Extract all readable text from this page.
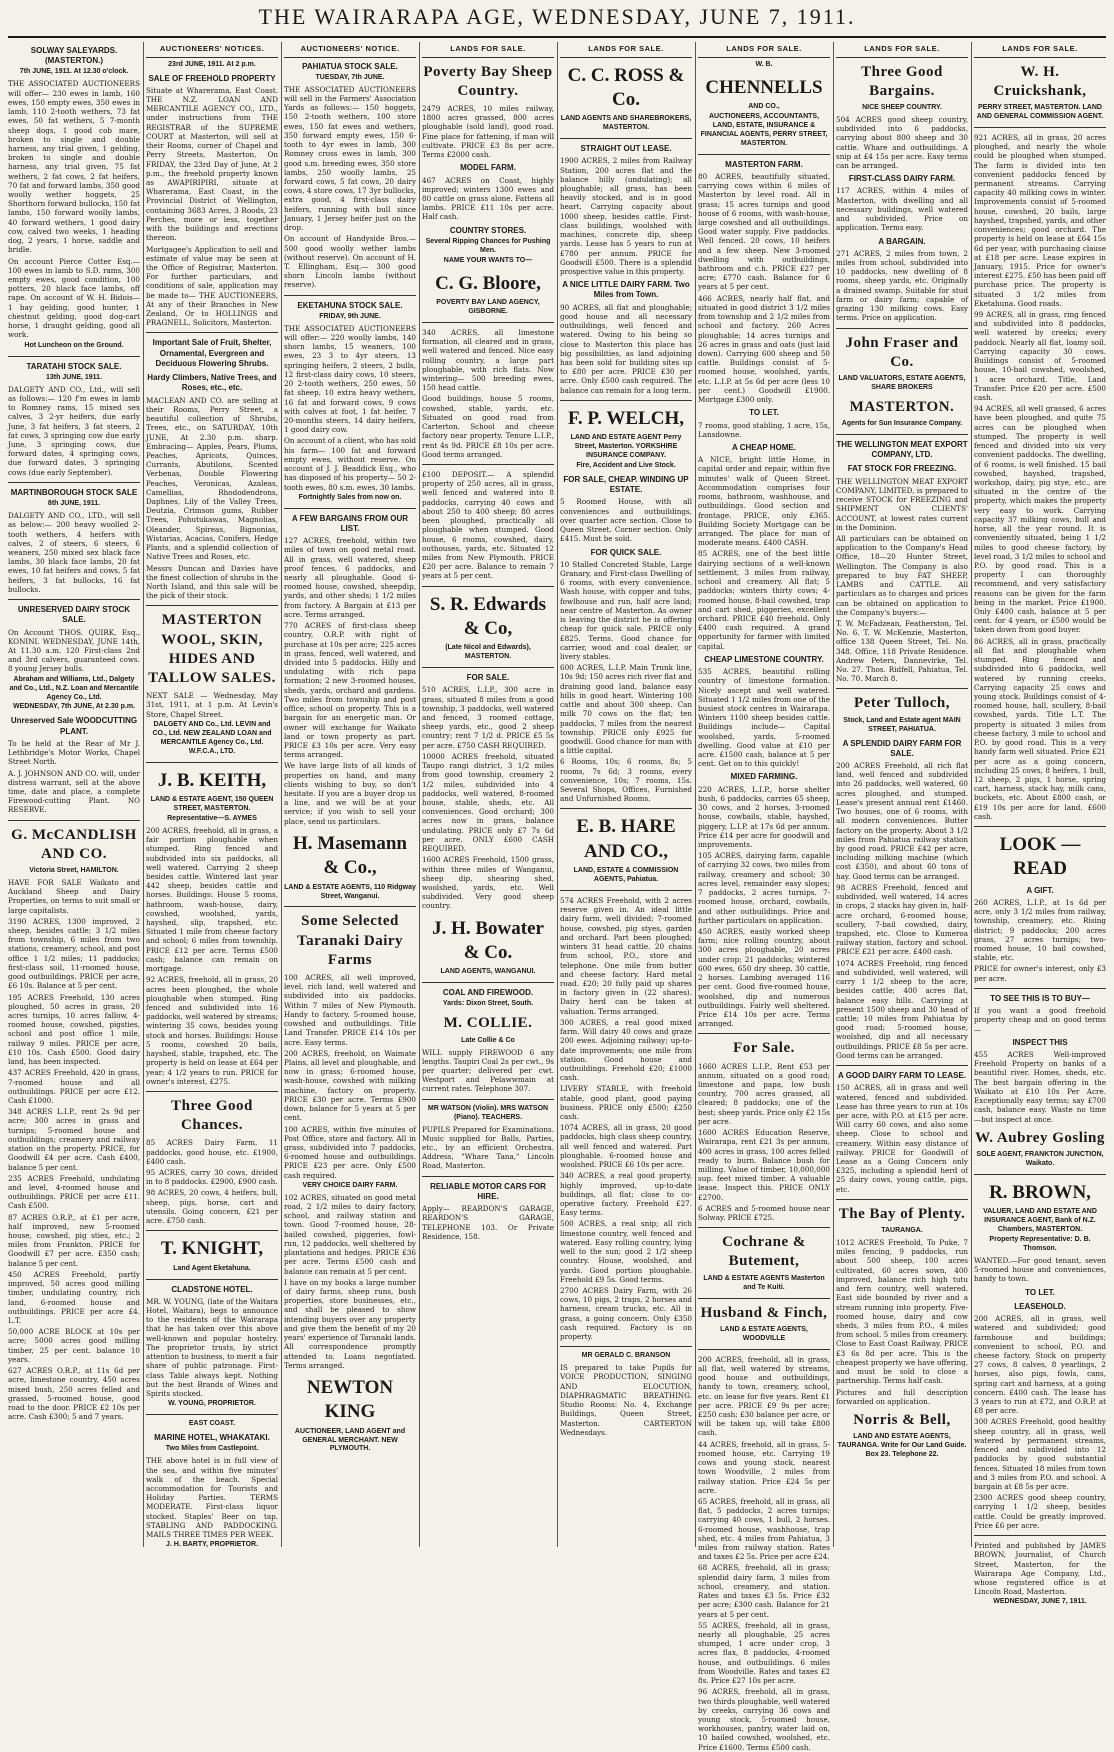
THE WAIRARAPA AGE, WEDNESDAY, JUNE 7, 1911.
SOLWAY SALEYARDS. (MASTERTON.)
7th JUNE, 1911. At 12.30 o'clock.
THE ASSOCIATED AUCTIONEERS will offer— 230 ewes in lamb, 160 ewes, 150 empty ewes, 350 ewes in lamb, 110 2-tooth wethers, 73 fat ewes, 50 fat wethers, 5 7-month sheep dogs, 1 good cob mare, broken to single and double harness, any trial given, 1 gelding, broken to single and double harness, any trial given, 75 fat wethers, 2 fat cows, 2 fat heifers, 70 fat and forward lambs, 350 good woolly wether hoggets, 25 Shorthorn forward bullocks, 150 fat lambs, 150 forward woolly lambs, 40 forward wethers, 1 good dairy cow, calved two weeks, 1 heading dog, 2 years, 1 horse, saddle and bridle.
On account Pierce Cotter Esq.— 100 ewes in lamb to S.D. rams, 300 empty ewes, good condition, 100 potters, 20 black face lambs, off rape. On account of W. H. Bidois— 1 bay gelding, good hunter, 1 chestnut gelding, good dog-cart horse, 1 draught gelding, good all work.
Hot Luncheon on the Ground.
TARATAHI STOCK SALE.
13th JUNE, 1911.
DALGETY AND CO., Ltd., will sell as follows:— 120 f'm ewes in lamb to Romney rams, 15 mixed sex calves, 3 2-yr heifers, due early June, 3 fat heifers, 3 fat steers, 2 fat cows, 3 springing cow due early June, 3 springing cows, due forward dates, 4 springing cows, due forward dates, 3 springing cows (due early September).
MARTINBOROUGH STOCK SALE
8th JUNE, 1911.
DALGETY AND CO., LTD., will sell as below:— 200 heavy woolled 2-tooth wethers, 4 heifers with calves, 2 of steers, 6 steers, 6 weaners, 250 mixed sex black face lambs, 30 black face lambs, 20 fat ewes, 10 fat heifers and cows, 5 fat heifers, 3 fat bullocks, 16 fat bullocks.
UNRESERVED DAIRY STOCK SALE.
On Account THOS. QUIRK, Esq., KONINI. WEDNESDAY, JUNE 14th, At 11.30 a.m. 120 First-class 2nd and 3rd calvers, guaranteed cows. 8 young Jersey bulls.
Abraham and Williams, Ltd., Dalgety and Co., Ltd., N.Z. Loan and Mercantile Agency Co., Ltd.
WEDNESDAY, 7th JUNE, At 2.30 p.m.
Unreserved Sale WOODCUTTING PLANT.
To be held at the Rear of Mr J. Lethbridge's Motor Works, Chapel Street North.
A. J. JOHNSON AND CO. will, under distress warrant, sell at the above time, date and place, a complete Firewood-cutting Plant. NO RESERVE.
G. McCANDLISH AND CO.
Victoria Street, HAMILTON.
HAVE FOR SALE Waikato and Auckland Sheep and Dairy Properties, on terms to suit small or large capitalists.
3190 ACRES, 1300 improved, 2 sheep, besides cattle; 3 1/2 miles from township, 6 miles from two stations, creamery, school, and post office 1 1/2 miles; 11 paddocks; first-class soil, 11-roomed house, good outbuildings. PRICE per acre, £6 10s. Balance at 5 per cent.
195 ACRES Freehold, 130 acres ploughed, 50 acres in grass, 20 acres turnips, 10 acres fallow, 4-roomed house, cowshed, pigsties, school and post office 1 mile, railway 9 miles. PRICE per acre, £10 10s. Cash £500. Good dairy land, has been inspected.
437 ACRES Freehold, 420 in grass, 7-roomed house and all outbuildings. PRICE per acre £12. Cash £1000.
348 ACRES L.I.P., rent 2s 9d per acre; 300 acres in grass and turnips; 5-roomed house and outbuildings; creamery and railway station on the property. PRICE, for Goodwill £4 per acre. Cash £400, balance 5 per cent.
235 ACRES Freehold, undulating and level, 4-roomed house and outbuildings. PRICE per acre £11. Cash £500.
87 ACRES O.R.P., at £1 per acre, half improved, new 5-roomed house, cowshed, pig sties, etc.; 2 miles from Frankton. PRICE for Goodwill £7 per acre. £350 cash; balance 5 per cent.
450 ACRES Freehold, partly improved, 50 acres good milling timber, undulating country, rich land, 6-roomed house and outbuildings. PRICE per acre £4. L.T.
50,000 ACRE BLOCK at 10s per acre; 5000 acres good milling timber, 25 per cent. balance 10 years.
627 ACRES O.R.P., at 11s 6d per acre, limestone country, 450 acres mixed bush, 250 acres felled and grassed, 5-roomed house, good road to the door. PRICE £2 10s per acre. Cash £300; 5 and 7 years.
AUCTIONEERS' NOTICES.
23rd JUNE, 1911. At 2 p.m.
SALE OF FREEHOLD PROPERTY
Situate at Wharerama, East Coast. THE N.Z. LOAN AND MERCANTILE AGENCY CO., LTD., under instructions from THE REGISTRAR of the SUPREME COURT at Masterton, will sell at their Rooms, corner of Chapel and Perry Streets, Masterton, On FRIDAY, the 23rd Day of June, At 2 p.m., the freehold property known as AWAPIRIPIRI, situate at Wharerama, East Coast, in the Provincial District of Wellington, containing 3683 Acres, 3 Roods, 23 Perches, more or less, together with the buildings and erections thereon.
Mortgagee's Application to sell and estimate of value may be seen at the Office of Registrar, Masterton. For further particulars, and conditions of sale, application may be made to— THE AUCTIONEERS, At any of their Branches in New Zealand, Or to HOLLINGS and PRAGNELL, Solicitors, Masterton.
Important Sale of Fruit, Shelter, Ornamental, Evergreen and Deciduous Flowering Shrubs.
Hardy Climbers, Native Trees, and Roses, etc., etc.
MACLEAN AND CO. are selling at their Rooms, Perry Street, a beautiful collection of Shrubs, Trees, etc., on SATURDAY, 10th JUNE, At 2.30 p.m. sharp. Embracing— Apples, Pears, Plums, Peaches, Apricots, Quinces, Currants, Abutilons, Scented Verbenas, Double Flowering Peaches, Veronicas, Azaleas, Camellias, Rhododendrons, Daphnes, Lily of the Valley Trees, Deutzia, Crimson gums, Rubber Trees, Pohutukawas, Magnolias, Oleander, Spireas, Bignonias, Wistarias, Acacias, Conifers, Hedge Plants, and a splendid collection of Native Trees and Roses, etc.
Messrs Duncan and Davies have the finest collection of shrubs in the North Island, and this sale will be the pick of their stock.
MASTERTON WOOL, SKIN, HIDES AND TALLOW SALES.
NEXT SALE — Wednesday, May 31st, 1911, at 1 p.m. At Levin's Store, Chapel Street.
DALGETY AND Co., Ltd. LEVIN and CO., Ltd. NEW ZEALAND LOAN and MERCANTILE Agency Co., Ltd. W.F.C.A., LTD.
J. B. KEITH,
LAND & ESTATE AGENT, 150 QUEEN STREET, MASTERTON.
Representative—S. AYMES
200 ACRES, freehold, all in grass, a fair portion ploughable when stumped. Ring fenced and subdivided into six paddocks, all well watered. Carrying 2 sheep besides cattle. Wintered last year 442 sheep, besides cattle and horses. Buildings: House 5 rooms, bathroom, wash-house, dairy, cowshed, woolshed, yards, hayshed, slip, trapshed, etc. Situated 1 mile from cheese factory and school; 6 miles from township. PRICE £12 per acre. Terms £500 cash; balance can remain on mortgage.
92 ACRES, freehold, all in grass, 20 acres been ploughed, the whole ploughable when stumped. Ring fenced and subdivided into 16 paddocks, well watered by streams; wintering 35 cows, besides young stock and horses. Buildings: House 5 rooms, cowshed 20 bails, hayshed, stable, trapshed, etc. The property is held on lease at £64 per year; 4 1/2 years to run. PRICE for owner's interest, £275.
Three Good Chances.
85 ACRES Dairy Farm, 11 paddocks, good house, etc. £1900, £400 cash.
95 ACRES, carry 30 cows, divided in to 8 paddocks. £2900, £900 cash.
98 ACRES, 20 cows, 4 heifers, bull, sheep, pigs, horse, cart and utensils. Going concern, £21 per acre. £750 cash.
T. KNIGHT,
Land Agent Eketahuna.
CLADSTONE HOTEL.
MR. W. YOUNG, (late of the Waitara Hotel, Waitara), begs to announce to the residents of the Wairarapa that he has taken over this above well-known and popular hostelry. The proprietor trusts, by strict attention to business, to merit a fair share of public patronage. First-class Table always kept. Nothing but the best Brands of Wines and Spirits stocked.
W. YOUNG, PROPRIETOR.
EAST COAST.
MARINE HOTEL, WHAKATAKI.
Two Miles from Castlepoint.
THE above hotel is in full view of the sea, and within five minutes' walk of the beach. Special accommodation for Tourists and Holiday Parties. TERMS MODERATE. First-class liquor stocked. Staples' Beer on tap. STABLING AND PADDOCKING. MAILS THREE TIMES PER WEEK.
J. H. BARTY, PROPRIETOR.
AUCTIONEERS' NOTICE.
PAHIATUA STOCK SALE.
TUESDAY, 7th JUNE.
THE ASSOCIATED AUCTIONEERS will sell in the Farmers' Association Yards as follows:— 150 hoggets, 150 2-tooth wethers, 100 store ewes, 150 fat ewes and wethers, 350 forward empty ewes, 150 6-tooth to 4yr ewes in lamb, 300 Romney cross ewes in lamb, 300 good s.m. breeding ewes, 350 store lambs, 250 woolly lambs, 25 forward cows, 5 fat cows, 20 dairy cows, 4 store cows, 17 3yr bullocks, extra good, 4 first-class dairy heifers, running with bull since January, 1 Jersey heifer just on the drop.
On account of Handyside Bros.— 500 good woolly wether lambs (without reserve). On account of H. T. Ellingham, Esq.— 300 good shorn Lincoln lambs (without reserve).
EKETAHUNA STOCK SALE.
FRIDAY, 9th JUNE.
THE ASSOCIATED AUCTIONEERS will offer:— 220 woolly lambs, 140 shorn lambs, 15 weaners, 100 ewes, 23 3 to 4yr steers, 13 springing heifers, 2 steers, 2 bulls, 12 first-class dairy cows, 10 steers, 20 2-tooth wethers, 250 ewes, 50 fat sheep, 10 extra heavy wethers, 16 fat and forward cows, 9 cows with calves at foot, 1 fat heifer, 7 20-months steers, 14 dairy heifers, 1 good dairy cow.
On account of a client, who has sold his farm— 100 fat and forward empty ewes, without reserve. On account of J. J. Beaddick Esq., who has disposed of his property— 50 2-tooth ewes, 80 s.m. ewes, 30 lambs.
Fortnightly Sales from now on.
A FEW BARGAINS FROM OUR LIST.
127 ACRES, freehold, within two miles of town on good metal road. All in grass, well watered, sheep proof fences, 6 paddocks, and nearly all ploughable. Good 6-roomed house, cowshed, sheepdip, yards, and other sheds; 1 1/2 miles from factory. A Bargain at £13 per acre. Terms arranged.
770 ACRES of first-class sheep country, O.R.P. with right of purchase at 10s per acre; 225 acres in grass, fenced, well watered, and divided into 5 paddocks. Hilly and undulating with rich papa formation; 2 new 3-roomed houses, sheds, yards, orchard and gardens. Two miles from township and post office, school on property. This is a bargain for an energetic man. Or owner will exchange for Waikato land or town property as part. PRICE £3 10s per acre. Very easy terms arranged.
We have large lists of all kinds of properties on hand, and many clients wishing to buy, so don't hesitate. If you are a buyer drop us a line, and we will be at your service; if you wish to sell your place, send us particulars.
H. Masemann & Co.,
LAND & ESTATE AGENTS, 110 Ridgway Street, Wanganui.
Some Selected Taranaki Dairy Farms
100 ACRES, all well improved, level, rich land, well watered and subdivided into six paddocks. Within 7 miles of New Plymouth. Handy to factory. 5-roomed house, cowshed and outbuildings. Title Land Transfer. PRICE £14 10s per acre. Easy terms.
200 ACRES, freehold, on Waimate Plains, all level and ploughable, and now in grass; 6-roomed house, wash-house, cowshed with milking machine, factory on property. PRICE £30 per acre. Terms £900 down, balance for 5 years at 5 per cent.
100 ACRES, within five minutes of Post Office, store and factory. All in grass, subdivided into 7 paddocks, 6-roomed house and outbuildings. PRICE £23 per acre. Only £500 cash required.
VERY CHOICE DAIRY FARM.
102 ACRES, situated on good metal road, 2 1/2 miles to dairy factory, school, and railway station and town. Good 7-roomed house, 28-bailed cowshed, piggeries, fowl-run, 12 paddocks, well sheltered by plantations and hedges. PRICE £36 per acre. Terms £500 cash and balance can remain at 5 per cent.
I have on my books a large number of dairy farms, sheep runs, bush properties, store businesses, etc., and shall be pleased to show intending buyers over any property and give them the benefit of my 20 years' experience of Taranaki lands. All correspondence promptly attended to. Loans negotiated. Terms arranged.
NEWTON KING
AUCTIONEER, LAND AGENT and GENERAL MERCHANT. NEW PLYMOUTH.
LANDS FOR SALE.
Poverty Bay Sheep Country.
2479 ACRES, 10 miles railway, 1800 acres grassed, 800 acres ploughable (sold land), good road. Fine place for fattening, if man will cultivate. PRICE £3 8s per acre. Terms £2000 cash.
MODEL FARM.
467 ACRES on Coast, highly improved; winters 1300 ewes and 80 cattle on grass alone. Fattens all lambs. PRICE £11 10s per acre. Half cash.
COUNTRY STORES.
Several Ripping Chances for Pushing Men.
NAME YOUR WANTS TO—
C. G. Bloore,
POVERTY BAY LAND AGENCY, GISBORNE.
340 ACRES, all limestone formation, all cleared and in grass, well watered and fenced. Nice easy rolling country, a large part ploughable, with rich flats. Now wintering— 500 breeding ewes, 150 head cattle.
Good buildings, house 5 rooms, cowshed, stable, yards, etc. Situated on good road from Carterton. School and cheese factory near property. Tenure L.I.P., rent 4s 9d. PRICE £8 10s per acre. Good terms arranged.
£100 DEPOSIT.— A splendid property of 250 acres, all in grass, well fenced and watered into 8 paddocks, carrying 40 cows and about 250 to 400 sheep; 80 acres been ploughed, practically all ploughable when stumped. Good house, 6 rooms, cowshed, dairy, outhouses, yards, etc. Situated 12 miles from New Plymouth. PRICE £20 per acre. Balance to remain 7 years at 5 per cent.
S. R. Edwards & Co,
(Late Nicol and Edwards), MASTERTON.
FOR SALE.
510 ACRES, L.I.P., 300 acre in grass, situated 8 miles from a good township, 3 paddocks, well watered and fenced, 3 roomed cottage, sheep yards, etc., good 2 sheep country; rent 7 1/2 d. PRICE £5 5s per acre. £750 CASH REQUIRED.
10000 ACRES freehold, situated Taupo rangi district, 3 1/2 miles from good township, creamery 2 1/2 miles, subdivided into 4 paddocks, well watered, 8-roomed house, stable, sheds, etc. All conveniences. Good orchard; 300 acres now in grass, balance undulating. PRICE only £7 7s 6d per acre. ONLY £600 CASH REQUIRED.
1600 ACRES Freehold, 1500 grass, within three miles of Wanganui, sheep dip, shearing shed, woolshed, yards, etc. Well subdivided. Very good sheep country.
J. H. Bowater & Co.
LAND AGENTS, WANGANUI.
COAL AND FIREWOOD.
Yards: Dixon Street, South.
M. COLLIE.
Late Collie & Co
WILL supply FIREWOOD 6 any lengths. Taupiri Coal 2s per cwt., 9s per quarter; delivered per cwt. Westport and Pelawwmain at current rates. Telephone 307.
MR WATSON (Violin). MRS WATSON (Piano). TEACHERS.
PUPILS Prepared for Examinations. Music supplied for Balls, Parties, etc., by an efficient Orchestra. Address, "Whare Tana," Lincoln Road, Masterton.
RELIABLE MOTOR CARS FOR HIRE.
Apply— REARDON'S GARAGE, REARDON'S GARAGE, TELEPHONE 103. Or Private Residence, 158.
LANDS FOR SALE.
C. C. ROSS & Co.
LAND AGENTS AND SHAREBROKERS, MASTERTON.
STRAIGHT OUT LEASE.
1900 ACRES, 2 miles from Railway Station, 200 acres flat and the balance hilly (undulating); all ploughable; all grass, has been heavily stocked, and is in good heart. Carrying capacity about 1000 sheep, besides cattle. First-class buildings, woolshed with machines, concrete dip, sheep yards. Lease has 5 years to run at £780 per annum. PRICE for Goodwill £500. There is a splendid prospective value in this property.
A NICE LITTLE DAIRY FARM. Two Miles from Town.
90 ACRES, all flat and ploughable; good house and all necessary outbuildings, well fenced and watered. Owing to his being so close to Masterton this place has big possibilities, as land adjoining has been sold for building sites up to £80 per acre. PRICE £30 per acre. Only £500 cash required. The balance can remain for a long term.
F. P. WELCH,
LAND AND ESTATE AGENT Perry Street, Masterton. YORKSHIRE INSURANCE COMPANY.
Fire, Accident and Live Stock.
FOR SALE, CHEAP. WINDING UP ESTATE.
5 Roomed House, with all conveniences and outbuildings, over quarter acre section. Close to Queen Street. Corner section. Only £415. Must be sold.
FOR QUICK SALE.
10 Stalled Concreted Stable, Large Granary, and First-class Dwelling of 6 rooms, with every convenience. Wash house, with copper and tubs, fowlhouse and run, half acre land; near centre of Masterton. As owner is leaving the district he is offering cheap for quick sale. PRICE only £825. Terms. Good chance for carrier, wood and coal dealer, or livery stables.
600 ACRES, L.I.P. Main Trunk line, 10s 9d; 150 acres rich river flat and draining good land, balance easy hills in good heart. Wintering 100 cattle and about 300 sheep. Can milk 70 cows on the flat; ten paddocks, 7 miles from the nearest township. PRICE only £925 for goodwill. Good chance for man with a little capital.
6 Rooms, 10s; 6 rooms, 8s; 5 rooms, 7s 6d; 3 rooms, every convenience, 10s; 7 rooms, 15s. Several Shops, Offices, Furnished and Unfurnished Rooms.
E. B. HARE AND CO.,
LAND, ESTATE & COMMISSION AGENTS, Pahiatua.
574 ACRES Freehold, with 2 acres reserve given in. An ideal little dairy farm, well divided; 7-roomed house, cowshed, pig styes, garden and orchard. Part been ploughed; winters 31 head cattle. 20 chains from school, P.O., store and telephone. One mile from butter and cheese factory. Hard metal road. £20; 20 fully paid up shares in factory given in (22 shares). Dairy herd can be taken at valuation. Terms arranged.
300 ACRES, a real good mixed farm. Will dairy 40 cows and graze 200 ewes. Adjoining railway; up-to-date improvements; one mile from station. Good house and outbuildings. Freehold £20; £1000 cash.
LIVERY STABLE, with freehold stable, good plant, good paying business. PRICE only £500; £250 cash.
1074 ACRES, all in grass, 20 good paddocks, high class sheep country, all well fenced and watered. Part ploughable. 6-roomed house and woolshed. PRICE £6 10s per acre.
340 ACRES, a real good property, highly improved, up-to-date buildings, all flat; close to co-operative factory. Freehold £27. Easy terms.
500 ACRES, a real snip; all rich limestone country, well fenced and watered. Easy rolling country, lying well to the sun; good 2 1/2 sheep country. House, woolshed, and yards. Good portion ploughable. Freehold £9 5s. Good terms.
2700 ACRES Dairy Farm, with 26 cows, 10 pigs, 2 traps, 2 horses and harness, cream trucks, etc. All in grass, a going concern. Only £350 cash required. Factory is on property.
MR GERALD C. BRANSON
IS prepared to take Pupils for VOICE PRODUCTION, SINGING AND ELOCUTION, DIAPHRAGMATIC BREATHING. Studio Rooms: No. 4, Exchange Buildings, Queen Street, Masterton. CARTERTON Wednesdays.
LANDS FOR SALE.
W. B.
CHENNELLS
AND CO.,
AUCTIONEERS, ACCOUNTANTS, LAND, ESTATE, INSURANCE & FINANCIAL AGENTS, PERRY STREET, MASTERTON.
MASTERTON FARM.
80 ACRES, beautifully situated, carrying cows within 6 miles of Masterton by level road. All in grass; 15 acres turnips and good house of 6 rooms, with wash-house, large cowshed and all outbuildings. Good water supply. Five paddocks. Well fenced. 20 cows, 10 heifers and a few sheep. New 3-roomed dwelling with outbuildings, bathroom and c.h. PRICE £27 per acre; £770 cash. Balance for 6 years at 5 per cent.
466 ACRES, nearly half flat, and situated in good district 3 1/2 miles from township and 2 1/2 miles from school and factory. 260 Acres ploughable; 14 acres turnips and 26 acres in grass and oats (just laid down). Carrying 600 sheep and 50 cattle. Buildings consist of 5-roomed house, woolshed, yards, etc. L.I.P. at 5s 6d per acre (less 10 per cent.) Goodwill £1900. Mortgage £300 only.
TO LET.
7 rooms, good stabling, 1 acre, 15s, Lansdowne.
A CHEAP HOME.
A NICE, bright little Home, in capital order and repair, within five minutes' walk of Queen Street. Accommodation comprises four rooms, bathroom, washhouse, and outbuildings. Good section and frontage. PRICE, only £365. Building Society Mortgage can be arranged. The place for man of moderate means. £400 CASH.
85 ACRES, one of the best little dairying sections of a well-known settlement, 3 miles from railway, school and creamery. All flat; 5 paddocks; winters thirty cows; 4-roomed house, 8-bail cowshed, trap and cart shed, piggeries, excellent orchard. PRICE £40 freehold. Only £400 cash required. A grand opportunity for farmer with limited capital.
CHEAP LIMESTONE COUNTRY.
535 ACRES, beautiful rolling country of limestone formation. Nicely ascept and well watered. Situated 1 1/2 miles from one of the busiest stock centres in Wairarapa. Winters 1100 sheep besides cattle. Buildings include— Capital woolshed, yards, 5-roomed dwelling. Good value at £10 per acre. £1500 cash, balance at 5 per cent. Get on to this quickly!
MIXED FARMING.
220 ACRES, L.I.P., horse shelter bush, 6 paddocks, carries 65 sheep, 30 cows, and 2 horses, 3-roomed house, cowbails, stable, hayshed, piggery, L.I.P. at 17s 6d per annum. Price £14 per acre for goodwill and improvements.
105 ACRES, dairying farm, capable of carrying 32 cows, two miles from railway, creamery and school; 30 acres level, remainder easy slopes; 7 paddocks, 2 acres turnips. 7-roomed house, orchard, cowbails, and other outbuildings. Price and further particulars on application.
450 ACRES, easily worked sheep farm; nice rolling country, about 300 acres ploughable, 20 acres under crop; 21 paddocks; wintered 600 ewes, 650 dry sheep, 30 cattle, 2 horses. Lambing averaged 116 per cent. Good five-roomed house, woolshed, dip and numerous outbuildings. Fairly well sheltered. Price £14 10s per acre. Terms arranged.
For Sale.
1660 ACRES L.I.P., Rent £53 per annum, situated on a good road; limestone and papa, low bush country, 700 acres grassed, all cleared; 8 paddocks; one of the best; sheep yards. Price only £2 15s per acre.
1600 ACRES Education Reserve, Wairarapa, rent £21 3s per annum, 400 acres in grass, 100 acres felled ready to burn. Balance bush for milling. Value of timber, 10,000,000 sup. feet mixed timber. A valuable lease. Inspect this. PRICE ONLY £2700.
6 ACRES and 5-roomed house near Solway. PRICE £725.
Cochrane & Butement,
LAND & ESTATE AGENTS Masterton and Te Kuiti.
Husband & Finch,
LAND & ESTATE AGENTS, WOODVILLE
200 ACRES, freehold, all in grass, all flat, well watered by streams, good house and outbuildings, handy to town, creamery, school, etc. on lease for five years. Rent £1 per acre. PRICE £9 9s per acre; £250 cash; £30 balance per acre, or will be taken up, will take £800 cash.
44 ACRES, freehold, all in grass, 5-roomed house, etc. Carrying 19 cows and young stock, nearest town Woodville, 2 miles from railway station. Price £24 5s per acre.
65 ACRES, freehold, all in grass, all flat, 5 paddocks, 2 acres turnips; carrying 40 cows, 1 bull, 2 horses. 6-roomed house, washhouse, trap shed, etc. 4 miles from Pahiatua, 3 miles from railway station. Rates and taxes £2 5s. Price per acre £24.
68 ACRES, freehold, all in grass; splendid dairy farm, 3 miles from school, creamery, and station. Rates and taxes £3 5s. Price £32 per acre; £300 cash. Balance for 21 years at 5 per cent.
55 ACRES, freehold, all in grass, nearly all ploughable, 25 acres stumped, 1 acre under crop, 3 acres flax, 8 paddocks, 4-roomed house, and outbuildings. 6 miles from Woodville. Rates and taxes £2 8s. Price £27 10s per acre.
96 ACRES, freehold, all in grass, two thirds ploughable, well watered by creeks, carrying 36 cows and young stock, 5-roomed house, workhouses, pantry, water laid on, 10 bailed cowshed, woolshed, etc. Price £1600. Terms £500 cash.
LANDS FOR SALE.
Three Good Bargains.
NICE SHEEP COUNTRY.
504 ACRES good sheep country, subdivided into 6 paddocks, carrying about 800 sheep and 30 cattle. Whare and outbuildings. A snip at £4 15s per acre. Easy terms can be arranged.
FIRST-CLASS DAIRY FARM.
117 ACRES, within 4 miles of Masterton, with dwelling and all necessary buildings, well watered and subdivided. Price on application. Terms easy.
A BARGAIN.
271 ACRES, 2 miles from town, 2 miles from school, subdivided into 10 paddocks, new dwelling of 8 rooms, sheep yards, etc. Originally a drained swamp. Suitable for stud farm or dairy farm; capable of grazing 130 milking cows. Easy terms. Price on application.
John Fraser and Co.
LAND VALUATORS, ESTATE AGENTS, SHARE BROKERS
MASTERTON.
Agents for Sun Insurance Company.
THE WELLINGTON MEAT EXPORT COMPANY, LTD.
FAT STOCK FOR FREEZING.
THE WELLINGTON MEAT EXPORT COMPANY, LIMITED, is prepared to receive STOCK for FREEZING and SHIPMENT ON CLIENTS' ACCOUNT, at lowest rates current in the Dominion.
All particulars can be obtained on application to the Company's Head Office, 18—20 Hunter Street, Wellington. The Company is also prepared to buy FAT SHEEP, LAMBS and CATTLE. All particulars as to charges and prices can be obtained on application to the Company's buyers:—
T. W. McFadzean, Featherston, Tel. No. 6. T. W. McKenzie, Masterton, office 138 Queen Street, Tel. No. 348. Office, 118 Private Residence. Andrew Peters, Dannevirke, Tel. No. 27. Thos. Ridfell, Pahiatua, Tel. No. 70. March 8.
Peter Tulloch,
Stock, Land and Estate agent MAIN STREET, PAHIATUA.
A SPLENDID DAIRY FARM FOR SALE.
200 ACRES Freehold, all rich flat land, well fenced and subdivided into 26 paddocks, well watered, 60 acres ploughed, and stumped. Lease's present annual rent £1460. Two houses, one of 6 rooms, with all modern conveniences. Butter factory on the property. About 3 1/2 miles from Pahiatua railway station by good road. PRICE £42 per acre, including milking machine (which cost £350), and about 60 tons of hay. Good terms can be arranged.
98 ACRES Freehold, fenced and subdivided, well watered, 14 acres in crops, 2 stacks hay given in, half-acre orchard, 6-roomed house, scullery, 7-bail cowshed, dairy, trapshed, etc. Close to Kumeroa railway station, factory and school. PRICE £21 per acre. £400 cash.
1074 ACRES Freehold, ring fenced and subdivided, well watered, will carry 1 1/2 sheep to the acre, besides cattle; 400 acres flat, balance easy hills. Carrying at present 1500 sheep and 30 head of cattle; 10 miles from Pahiatua by good road; 5-roomed house, woolshed, dip and all necessary outbuildings. PRICE £8 5s per acre. Good terms can be arranged.
A GOOD DAIRY FARM TO LEASE.
150 ACRES, all in grass and well watered, fenced and subdivided. Lease has three years to run at 10s per acre, with P.O. at £15 per acre. Will carry 60 cows, and also some sheep. Close to school and creamery. Within easy distance of railway. PRICE for Goodwill of Lease as a Going Concern only £325, including a splendid herd of 25 dairy cows, young cattle, pigs, etc.
The Bay of Plenty.
TAURANGA.
1012 ACRES Freehold, To Puke, 7 miles fencing, 9 paddocks, run about 500 sheep, 100 acres cultivated, 60 acres sown, 400 improved, balance rich high tutu and fern country, well watered. East side bounded by river and a stream running into property. Five-roomed house, dairy and cow sheds, 3 miles from P.O., 4 miles from school. 5 miles from creamery. Close to East Coast Railway. PRICE £3 6s 8d per acre. This is the cheapest property we have offering, and must be sold to close a partnership. Terms half cash.
Pictures and full description forwarded on application.
Norris & Bell,
LAND AND ESTATE AGENTS, TAURANGA. Write for Our Land Guide. Box 23. Telephone 22.
LANDS FOR SALE.
W. H. Cruickshank,
PERRY STREET, MASTERTON. LAND AND GENERAL COMMISSION AGENT.
921 ACRES, all in grass, 20 acres ploughed, and nearly the whole could be ploughed when stumped. The farm is divided into ten convenient paddocks fenced by permanent streams. Carrying capacity 40 milking cows in winter. Improvements consist of 5-roomed house, cowshed, 20 bails, large hayshed, trapshed, yards, and other conveniences; good orchard. The property is held on lease at £64 15s 6d per year, with purchasing clause at £18 per acre. Lease expires in January, 1915. Price for owner's interest £275. £50 has been paid off purchase price. The property is situated 3 1/2 miles from Eketahuna. Good roads.
99 ACRES, all in grass, ring fenced and subdivided into 8 paddocks, well watered by creeks; every paddock. Nearly all flat, loamy soil. Carrying capacity 30 cows. Buildings consist of 5-roomed house, 10-bail cowshed, woolshed, 1 acre orchard. Title, Land Transfer. Price £20 per acre. £500 cash.
94 ACRES, all well grassed, 6 acres have been ploughed, and quite 75 acres can be ploughed when stumped. The property is well fenced and divided into six very convenient paddocks. The dwelling, of 6 rooms, is well finished. 15 bail cowshed, hayshed, trapshed, workshop, dairy, pig stye, etc., are situated in the centre of the property, which makes the property very easy to work. Carrying capacity 37 milking cows, bull and horse, all the year round. It is conveniently situated, being 1 1/2 miles to good cheese factory, by level road, 3 1/2 miles to school and P.O. by good road. This is a property I can thoroughly recommend, and very satisfactory reasons can be given for the farm being in the market. Price £1900. Only £400 cash, balance at 5 per cent. for 4 years, or £500 would be taken down from good buyer.
86 ACRES, all in grass, practically all flat and ploughable when stumped. Ring fenced and subdivided into 6 paddocks, well watered by running creeks. Carrying capacity 25 cows and young stock. Buildings consist of 4-roomed house, hall, scullery, 8-bail cowshed, yards. Title L.T. The property is situated 3 miles from cheese factory, 3 mile to school and P.O. by good road. This is a very handy farm well situated. Price £21 per acre as a going concern, including 25 cows, 8 heifers, 1 bull, 12 sheep, 2 pigs, 1 horse, spring cart, harness, stack hay, milk cans, buckets, etc. About £800 cash, or £19 10s per acre for land. £600 cash.
LOOK — READ
A GIFT.
260 ACRES, L.I.P., at 1s 6d per acre, only 3 1/2 miles from railway, township, creamery, etc. Rising district; 9 paddocks; 200 acres grass, 27 acres turnips; two-roomed house, 10 bail cowshed, stable, etc.
PRICE for owner's interest, only £3 per acre.
TO SEE THIS IS TO BUY—
If you want a good freehold property cheap and on good terms—
INSPECT THIS
455 ACRES Well-improved Freehold Property on banks of a beautiful river. Homes, sheds, etc. The best bargain offering in the Waikato at £10 10s Per Acre. Exceptionally easy terms; say £700 cash, balance easy. Waste no time —but inspect at once.
W. Aubrey Gosling
SOLE AGENT, FRANKTON JUNCTION, Waikato.
R. BROWN,
VALUER, LAND AND ESTATE AND INSURANCE AGENT, Bank of N.Z. Chambers, MASTERTON.
Property Representative: D. B. Thomson.
WANTED.—For good tenant, seven 5-roomed house and conveniences, handy to town.
TO LET.
LEASEHOLD.
200 ACRES, all in grass, well watered and subdivided; good farmhouse and buildings; convenient to school, P.O. and cheese factory. Stock on property 27 cows, 8 calves, 8 yearlings, 2 horses, also pigs, fowls, cans, spring cart and harness, at a going concern. £400 cash. The lease has 3 years to run at £72, and O.R.P. at £8 per acre.
300 ACRES Freehold, good healthy sheep country, all in grass, well watered by permanent streams, fenced and subdivided into 12 paddocks by good substantial fences. Situated 18 miles from town and 3 miles from P.O. and school. A bargain at £8 5s per acre.
2300 ACRES good sheep country, carrying 1 1/2 sheep, besides cattle. Could be greatly improved. Price £6 per acre.
Printed and published by JAMES BROWN, Journalist, of Church Street, Masterton, for the Wairarapa Age Company, Ltd., whose registered office is at Lincoln Road, Masterton.
WEDNESDAY, JUNE 7, 1911.
